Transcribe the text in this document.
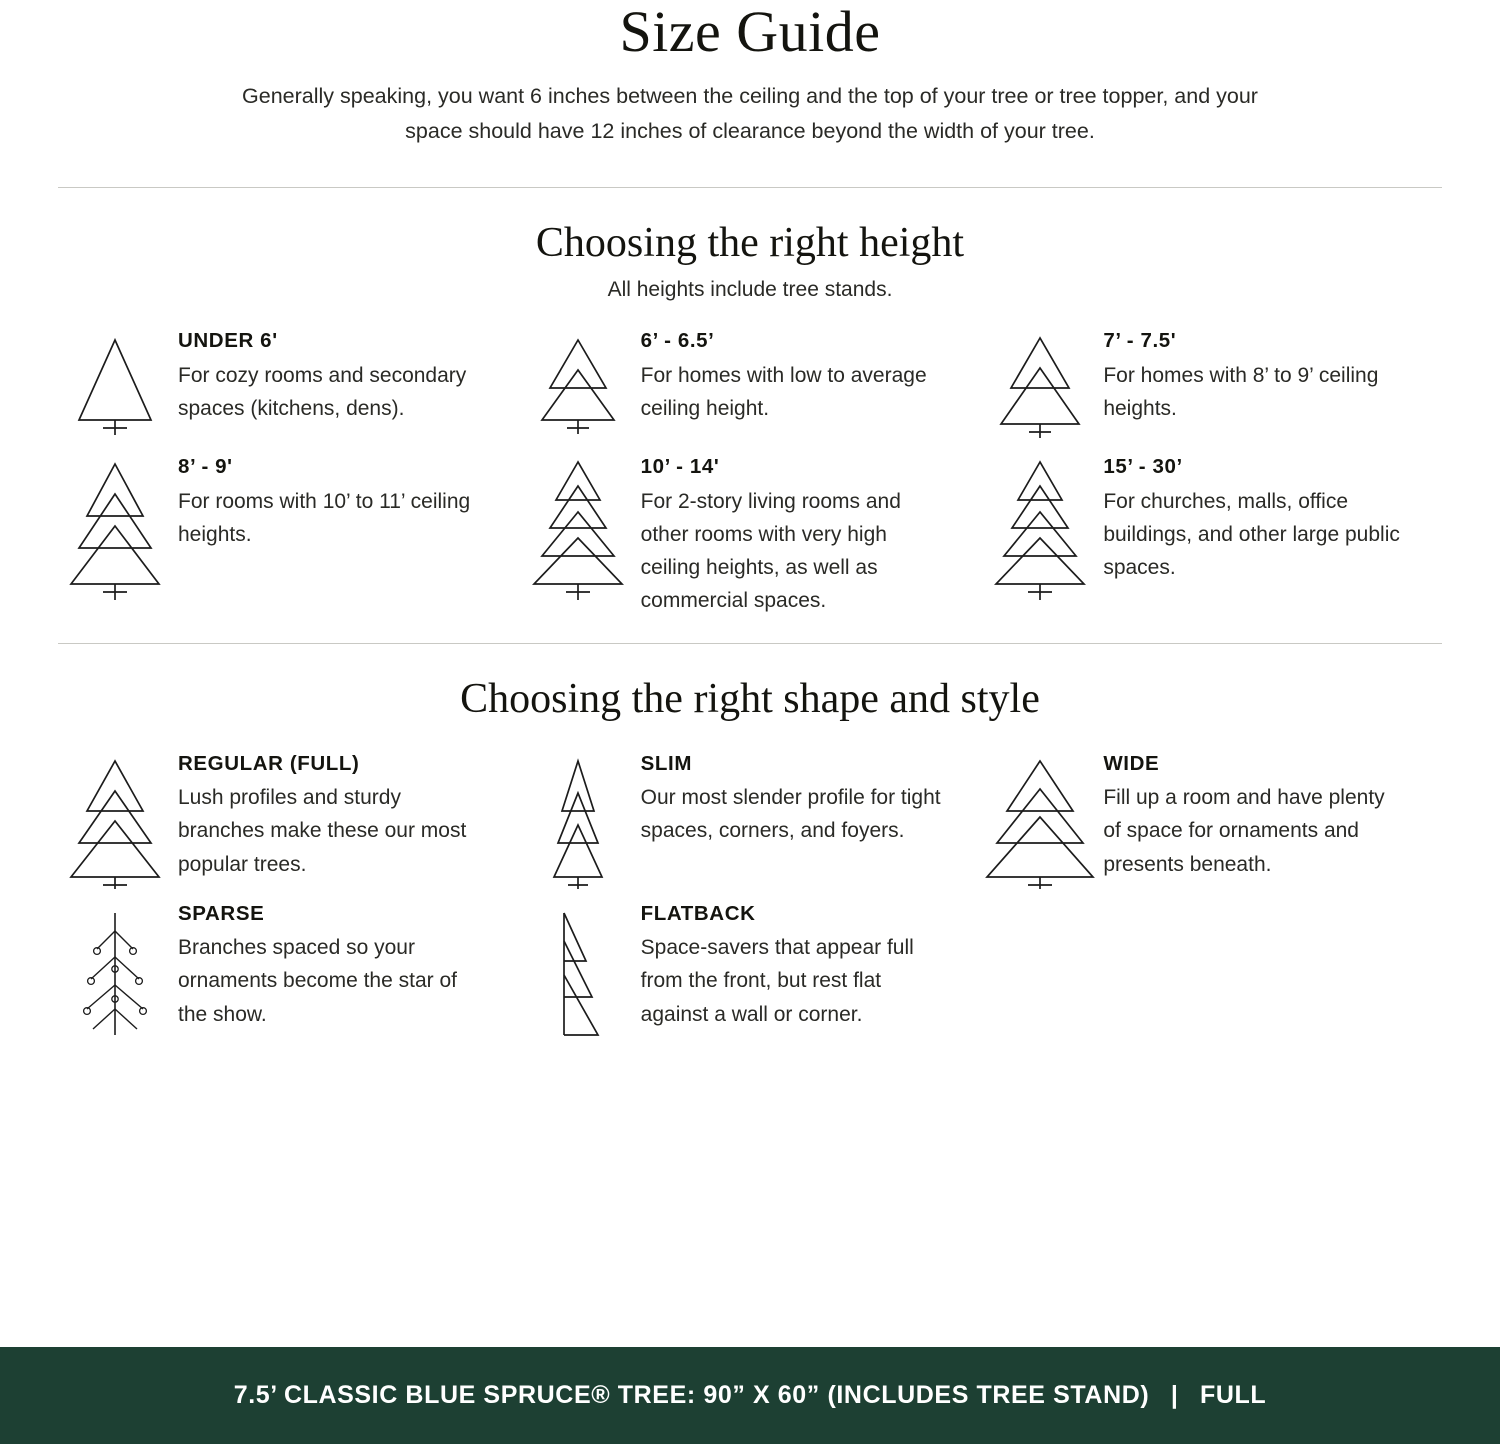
Size Guide

Generally speaking, you want 6 inches between the ceiling and the top of your tree or tree topper, and your space should have 12 inches of clearance beyond the width of your tree.

Choosing the right height
All heights include tree stands.

UNDER 6'

For cozy rooms and secondary spaces (kitchens, dens).

6’ - 6.5’

For homes with low to average ceiling height.

7’ - 7.5'

For homes with 8’ to 9’ ceiling heights.

8’ - 9'

For rooms with 10’ to 11’ ceiling heights.

10’ - 14'

For 2-story living rooms and other rooms with very high ceiling heights, as well as commercial spaces.

15’ - 30’

For churches, malls, office buildings, and other large public spaces.

Choosing the right shape and style

REGULAR (FULL)

Lush profiles and sturdy branches make these our most popular trees.

SLIM

Our most slender profile for tight spaces, corners, and foyers.

WIDE

Fill up a room and have plenty of space for ornaments and presents beneath.

SPARSE

Branches spaced so your ornaments become the star of the show.

FLATBACK

Space-savers that appear full from the front, but rest flat against a wall or corner.

7.5’ CLASSIC BLUE SPRUCE® TREE: 90” X 60” (INCLUDES TREE STAND) | FULL
